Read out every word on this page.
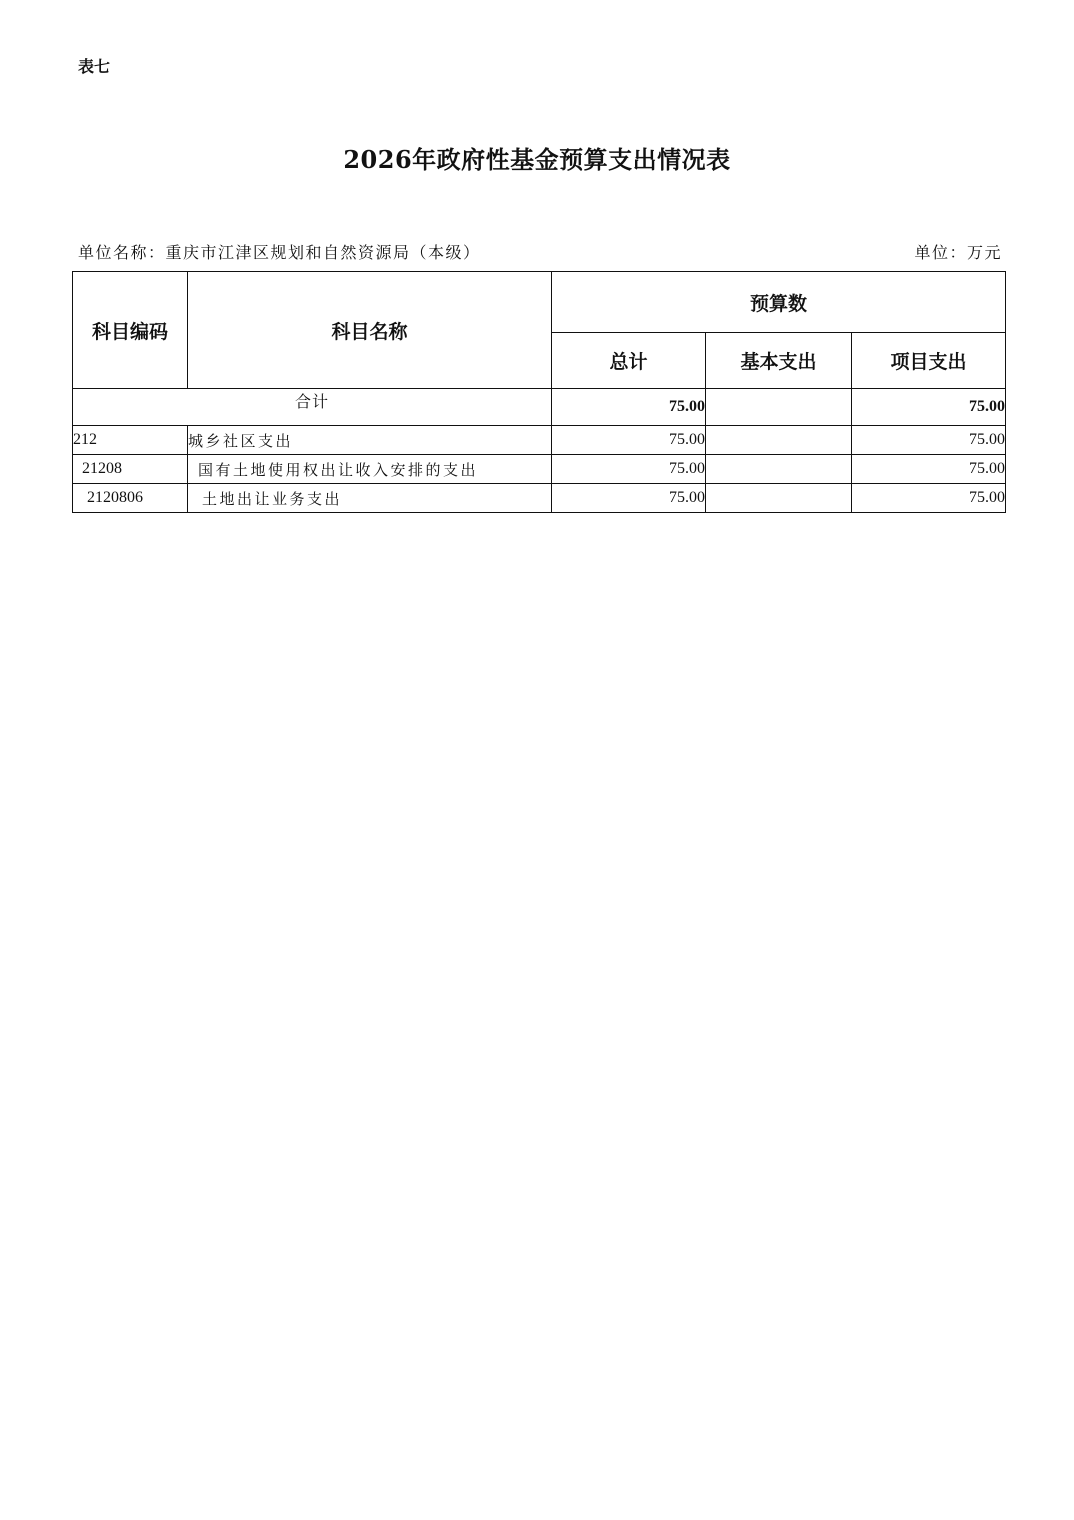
表七
2026年政府性基金预算支出情况表
单位名称：重庆市江津区规划和自然资源局（本级）	单位：万元
科目编码	科目名称	预算数		
		总计	基本支出	项目支出
合计		75.00		75.00
212	城乡社区支出	75.00		75.00
21208	国有土地使用权出让收入安排的支出	75.00		75.00
2120806	土地出让业务支出	75.00		75.00
